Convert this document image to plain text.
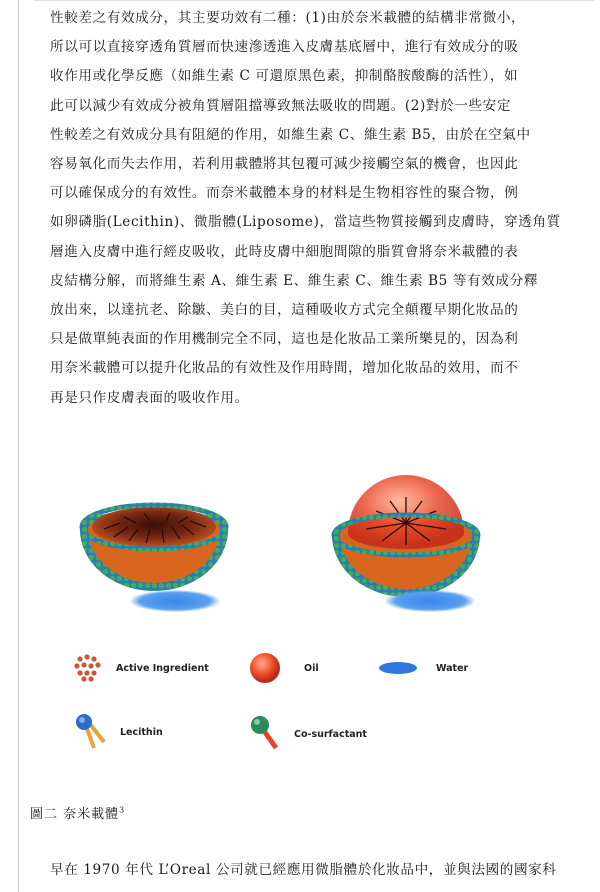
性較差之有效成分，其主要功效有二種：(1)由於奈米載體的結構非常微小，
所以可以直接穿透角質層而快速滲透進入皮膚基底層中，進行有效成分的吸
收作用或化學反應（如維生素 C 可還原黑色素，抑制酪胺酸酶的活性），如
此可以減少有效成分被角質層阻擋導致無法吸收的問題。(2)對於一些安定
性較差之有效成分具有阻絕的作用，如維生素 C、維生素 B5，由於在空氣中
容易氧化而失去作用，若利用載體將其包覆可減少接觸空氣的機會，也因此
可以確保成分的有效性。而奈米載體本身的材料是生物相容性的聚合物，例
如卵磷脂(Lecithin)、微脂體(Liposome)，當這些物質接觸到皮膚時，穿透角質
層進入皮膚中進行經皮吸收，此時皮膚中細胞間隙的脂質會將奈米載體的表
皮結構分解，而將維生素 A、維生素 E、維生素 C、維生素 B5 等有效成分釋
放出來，以達抗老、除皺、美白的目，這種吸收方式完全顛覆早期化妝品的
只是做單純表面的作用機制完全不同，這也是化妝品工業所樂見的，因為利
用奈米載體可以提升化妝品的有效性及作用時間，增加化妝品的效用，而不
再是只作皮膚表面的吸收作用。
Active Ingredient	Oil	Water
Lecithin	Co-surfactant
圖二 奈米載體$^3$
早在 1970 年代 L’Oreal 公司就已經應用微脂體於化妝品中，並與法國的國家科
